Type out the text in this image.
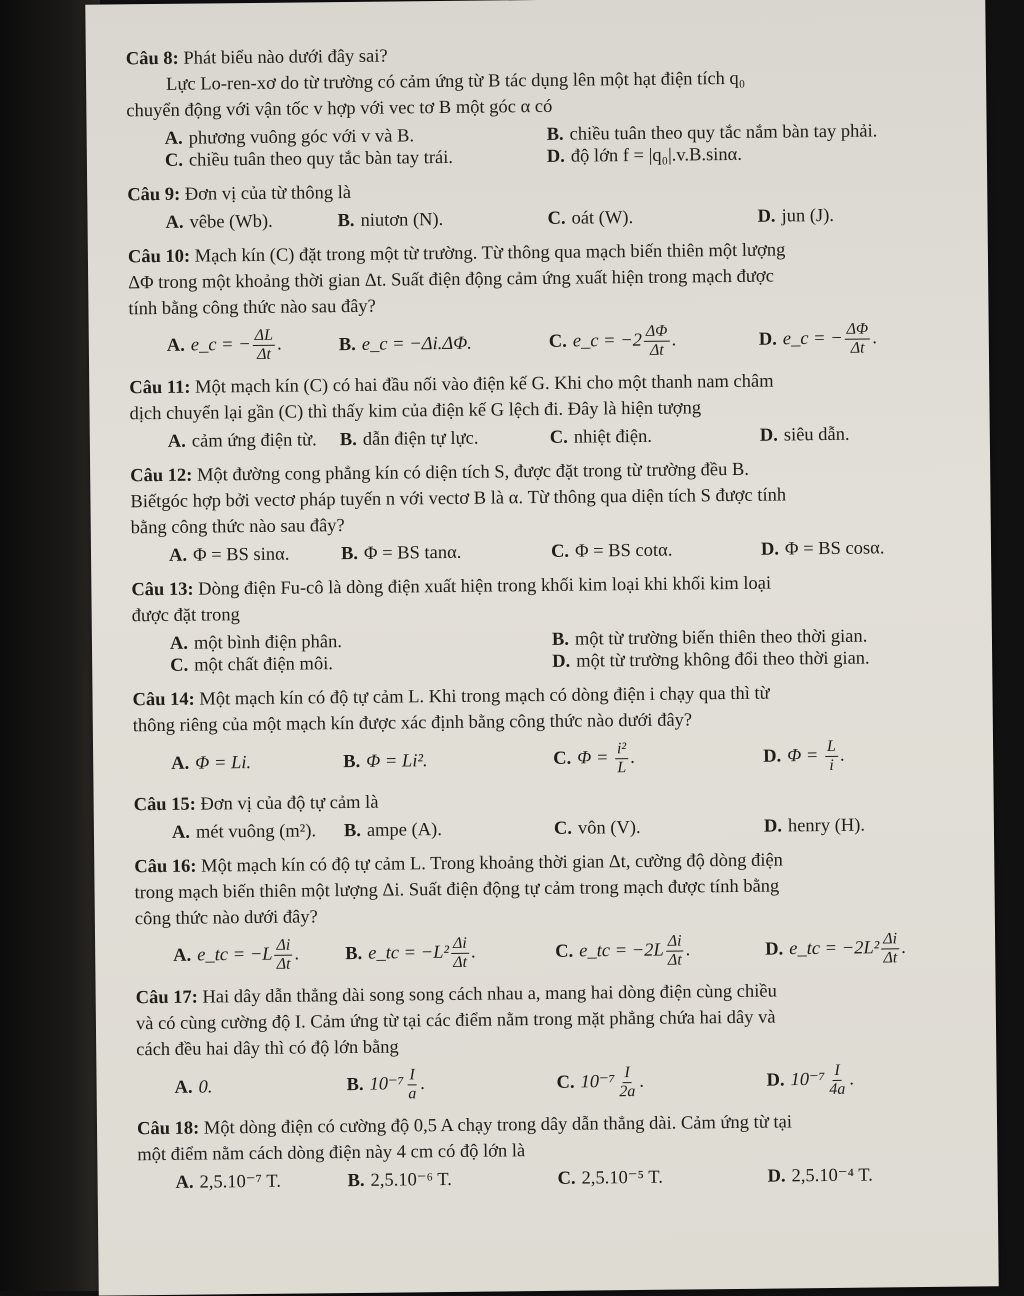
Câu 8: Phát biểu nào dưới đây sai?
Lực Lo-ren-xơ do từ trường có cảm ứng từ B tác dụng lên một hạt điện tích q₀
chuyển động với vận tốc v hợp với vec tơ B một góc α có
A. phương vuông góc với v và B.	B. chiều tuân theo quy tắc nắm bàn tay phải.
C. chiều tuân theo quy tắc bàn tay trái.	D. độ lớn f = |q₀|.v.B.sinα.
Câu 9: Đơn vị của từ thông là
A. vêbe (Wb).	B. niutơn (N).	C. oát (W).	D. jun (J).
Câu 10: Mạch kín (C) đặt trong một từ trường. Từ thông qua mạch biến thiên một lượng
ΔΦ trong một khoảng thời gian Δt. Suất điện động cảm ứng xuất hiện trong mạch được
tính bằng công thức nào sau đây?
A. e_c = − $\frac{\Delta L}{\Delta t}$ .	B. e_c = −Δi.ΔΦ.	C. e_c = $-2 \frac{\Delta\Phi}{\Delta t}$ .	D. e_c = − $\frac{\Delta\Phi}{\Delta t}$ .
Câu 11: Một mạch kín (C) có hai đầu nối vào điện kế G. Khi cho một thanh nam châm
dịch chuyển lại gần (C) thì thấy kim của điện kế G lệch đi. Đây là hiện tượng
A. cảm ứng điện từ.	B. dẫn điện tự lực.	C. nhiệt điện.	D. siêu dẫn.
Câu 12: Một đường cong phẳng kín có diện tích S, được đặt trong từ trường đều B.
Biếtgóc hợp bởi vectơ pháp tuyến n với vectơ B là α. Từ thông qua diện tích S được tính
bằng công thức nào sau đây?
A. Φ = BS sinα.	B. Φ = BS tanα.	C. Φ = BS cotα.	D. Φ = BS cosα.
Câu 13: Dòng điện Fu-cô là dòng điện xuất hiện trong khối kim loại khi khối kim loại
được đặt trong
A. một bình điện phân.	B. một từ trường biến thiên theo thời gian.
C. một chất điện môi.	D. một từ trường không đổi theo thời gian.
Câu 14: Một mạch kín có độ tự cảm L. Khi trong mạch có dòng điện i chạy qua thì từ
thông riêng của một mạch kín được xác định bằng công thức nào dưới đây?
A. Φ = Li.	B. Φ = Li².	C. $\Phi = \frac{\text{i²}}{L}$ .	D. $\Phi = \frac{L}{i}$ .
Câu 15: Đơn vị của độ tự cảm là
A. mét vuông (m²).	B. ampe (A).	C. vôn (V).	D. henry (H).
Câu 16: Một mạch kín có độ tự cảm L. Trong khoảng thời gian Δt, cường độ dòng điện
trong mạch biến thiên một lượng Δi. Suất điện động tự cảm trong mạch được tính bằng
công thức nào dưới đây?
A. e_tc = $-L \frac{\Delta i}{\Delta t}$ .	B. e_tc = $-L^2 \frac{\Delta i}{\Delta t}$ .	C. e_tc = $-2L \frac{\Delta i}{\Delta t}$ .	D. e_tc = $-2L^2 \frac{\Delta i}{\Delta t}$ .
Câu 17: Hai dây dẫn thẳng dài song song cách nhau a, mang hai dòng điện cùng chiều
và có cùng cường độ I. Cảm ứng từ tại các điểm nằm trong mặt phẳng chứa hai dây và
cách đều hai dây thì có độ lớn bằng
A. 0.	B. $10^{-7} \frac{I}{a}$ .	C. $10^{-7} \frac{I}{2a}$ .	D. $10^{-7} \frac{I}{4a}$ .
Câu 18: Một dòng điện có cường độ 0,5 A chạy trong dây dẫn thẳng dài. Cảm ứng từ tại
một điểm nằm cách dòng điện này 4 cm có độ lớn là
A. 2,5.10⁻⁷ T.	B. 2,5.10⁻⁶ T.	C. 2,5.10⁻⁵ T.	D. 2,5.10⁻⁴ T.
